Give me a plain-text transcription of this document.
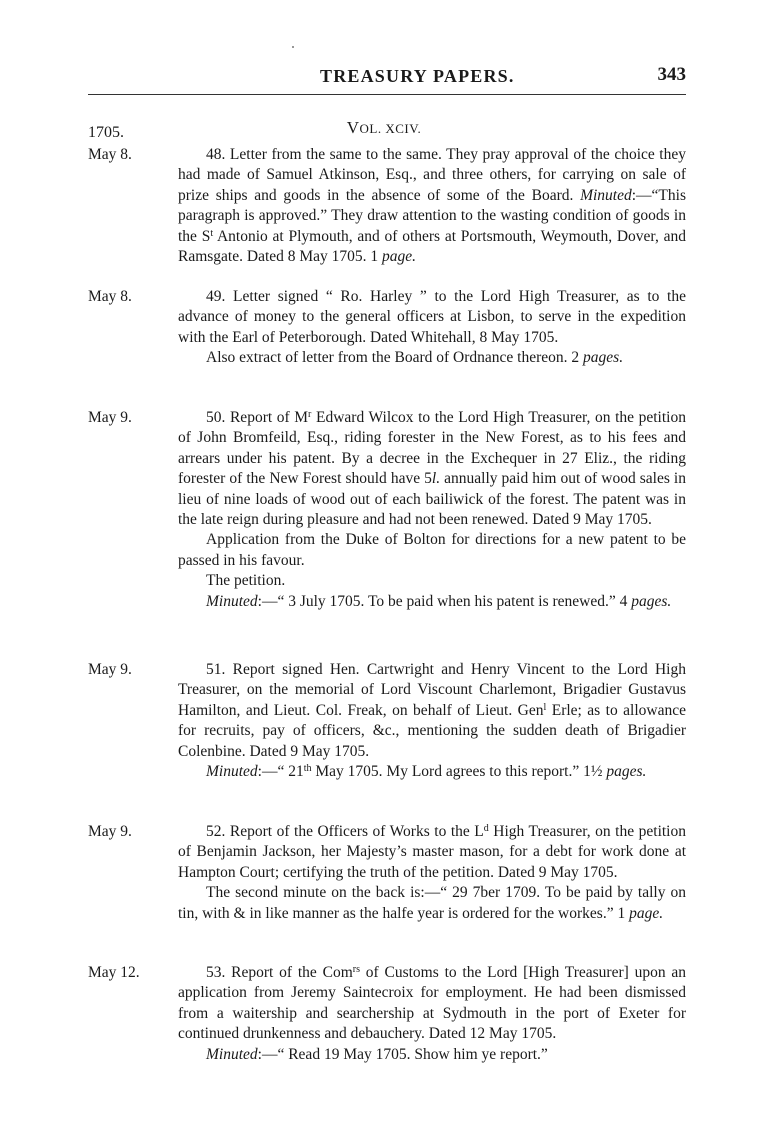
TREASURY PAPERS.	343
VOL. XCIV.
1705.
May 8.	48. Letter from the same to the same. They pray approval of the choice they had made of Samuel Atkinson, Esq., and three others, for carrying on sale of prize ships and goods in the absence of some of the Board. Minuted:—“This paragraph is approved.” They draw attention to the wasting condition of goods in the $S^t$ Antonio at Plymouth, and of others at Portsmouth, Weymouth, Dover, and Ramsgate. Dated 8 May 1705. 1 page.

May 8.	49. Letter signed “ Ro. Harley ” to the Lord High Treasurer, as to the advance of money to the general officers at Lisbon, to serve in the expedition with the Earl of Peterborough. Dated Whitehall, 8 May 1705.

Also extract of letter from the Board of Ordnance thereon. 2 pages.

May 9.	50. Report of $M^r$ Edward Wilcox to the Lord High Treasurer, on the petition of John Bromfeild, Esq., riding forester in the New Forest, as to his fees and arrears under his patent. By a decree in the Exchequer in 27 Eliz., the riding forester of the New Forest should have 5l. annually paid him out of wood sales in lieu of nine loads of wood out of each bailiwick of the forest. The patent was in the late reign during pleasure and had not been renewed. Dated 9 May 1705.

Application from the Duke of Bolton for directions for a new patent to be passed in his favour.

The petition.

Minuted:—“ 3 July 1705. To be paid when his patent is renewed.” 4 pages.

May 9.	51. Report signed Hen. Cartwright and Henry Vincent to the Lord High Treasurer, on the memorial of Lord Viscount Charlemont, Brigadier Gustavus Hamilton, and Lieut. Col. Freak, on behalf of Lieut. Gen$^l$ Erle; as to allowance for recruits, pay of officers, &c., mentioning the sudden death of Brigadier Colenbine. Dated 9 May 1705.

Minuted:—“ 21th May 1705. My Lord agrees to this report.” 1½ pages.

May 9.	52. Report of the Officers of Works to the $L^d$ High Treasurer, on the petition of Benjamin Jackson, her Majesty’s master mason, for a debt for work done at Hampton Court; certifying the truth of the petition. Dated 9 May 1705.

The second minute on the back is:—“ 29 7ber 1709. To be paid by tally on tin, with & in like manner as the halfe year is ordered for the workes.” 1 page.

May 12.	53. Report of the Com$^{rs}$ of Customs to the Lord [High Treasurer] upon an application from Jeremy Saintecroix for employment. He had been dismissed from a waitership and searchership at Sydmouth in the port of Exeter for continued drunkenness and debauchery. Dated 12 May 1705.

Minuted:—“ Read 19 May 1705. Show him ye report.”
